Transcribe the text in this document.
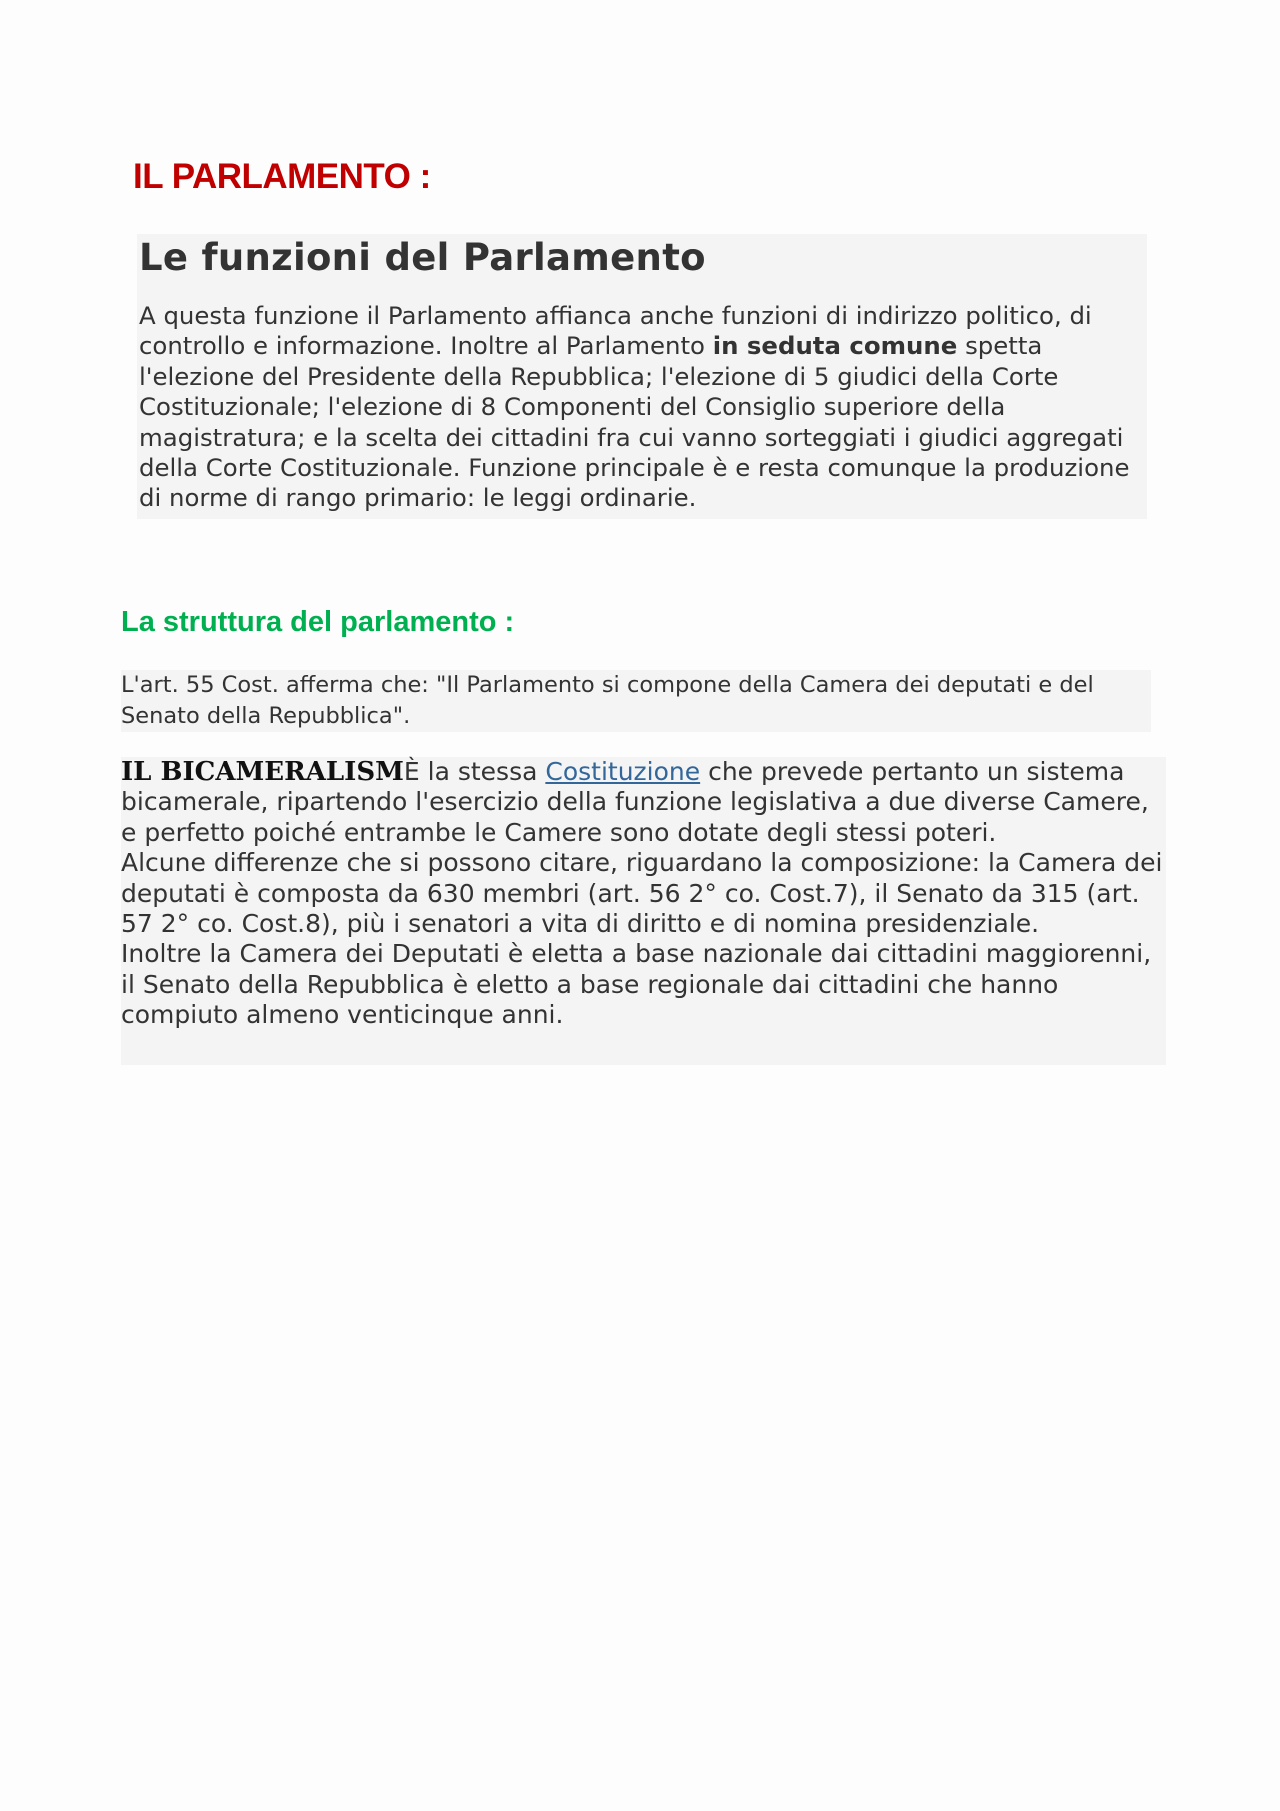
IL PARLAMENTO :
Le funzioni del Parlamento

A questa funzione il Parlamento affianca anche funzioni di indirizzo politico, di controllo e informazione. Inoltre al Parlamento in seduta comune spetta l'elezione del Presidente della Repubblica; l'elezione di 5 giudici della Corte Costituzionale; l'elezione di 8 Componenti del Consiglio superiore della magistratura; e la scelta dei cittadini fra cui vanno sorteggiati i giudici aggregati della Corte Costituzionale. Funzione principale è e resta comunque la produzione di norme di rango primario: le leggi ordinarie.

La struttura del parlamento :

L'art. 55 Cost. afferma che: "Il Parlamento si compone della Camera dei deputati e del Senato della Repubblica".

IL BICAMERALISMÈ la stessa Costituzione che prevede pertanto un sistema bicamerale, ripartendo l'esercizio della funzione legislativa a due diverse Camere, e perfetto poiché entrambe le Camere sono dotate degli stessi poteri.

Alcune differenze che si possono citare, riguardano la composizione: la Camera dei deputati è composta da 630 membri (art. 56 2° co. Cost.7), il Senato da 315 (art. 57 2° co. Cost.8), più i senatori a vita di diritto e di nomina presidenziale.

Inoltre la Camera dei Deputati è eletta a base nazionale dai cittadini maggiorenni, il Senato della Repubblica è eletto a base regionale dai cittadini che hanno compiuto almeno venticinque anni.
